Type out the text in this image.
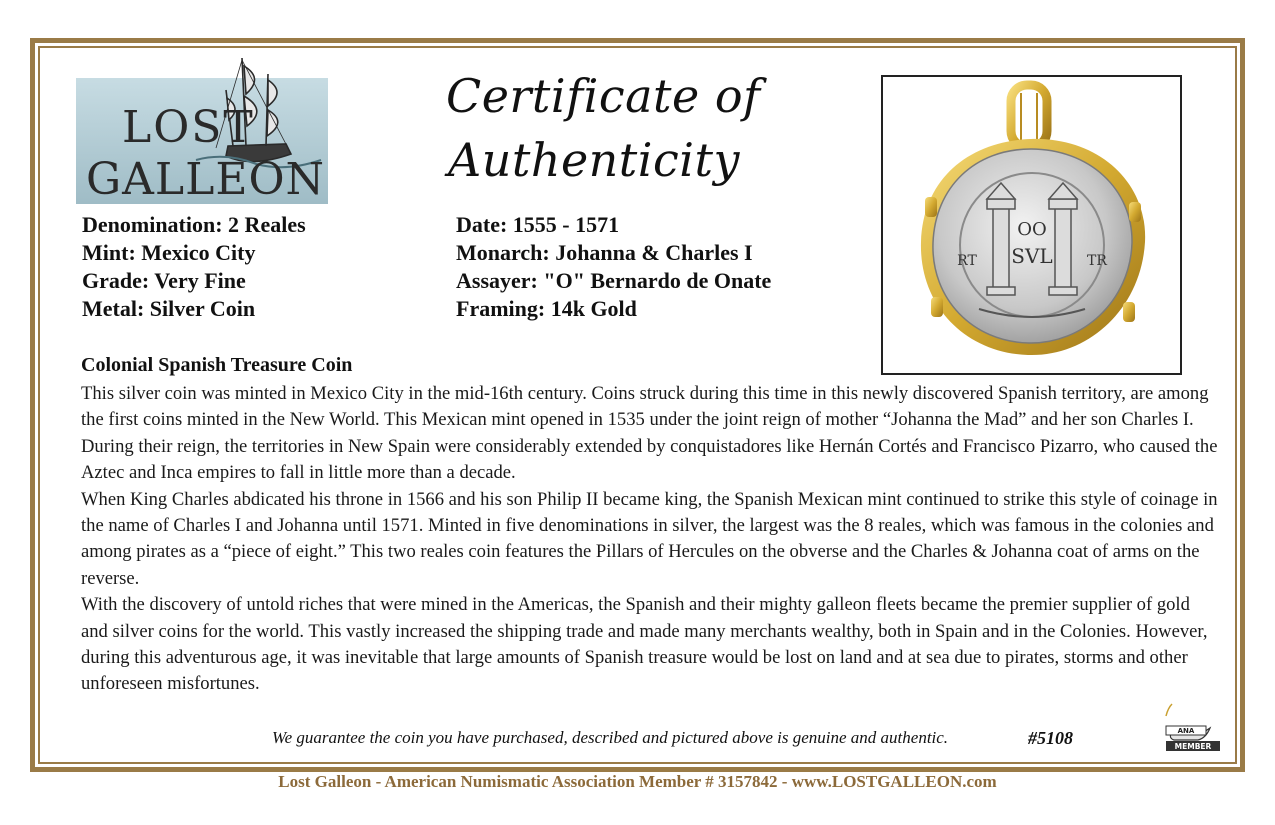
LOST
GALLEON
Certificate of
Authenticity
OO
SVL
RT	TR
Denomination: 2 Reales
Mint: Mexico City
Grade: Very Fine
Metal: Silver Coin
Date: 1555 - 1571
Monarch: Johanna & Charles I
Assayer: "O" Bernardo de Onate
Framing: 14k Gold
Colonial Spanish Treasure Coin

This silver coin was minted in Mexico City in the mid-16th century. Coins struck during this time in this newly discovered Spanish territory, are among the first coins minted in the New World. This Mexican mint opened in 1535 under the joint reign of mother “Johanna the Mad” and her son Charles I. During their reign, the territories in New Spain were considerably extended by conquistadores like Hernán Cortés and Francisco Pizarro, who caused the Aztec and Inca empires to fall in little more than a decade.

When King Charles abdicated his throne in 1566 and his son Philip II became king, the Spanish Mexican mint continued to strike this style of coinage in the name of Charles I and Johanna until 1571. Minted in five denominations in silver, the largest was the 8 reales, which was famous in the colonies and among pirates as a “piece of eight.” This two reales coin features the Pillars of Hercules on the obverse and the Charles & Johanna coat of arms on the reverse.

With the discovery of untold riches that were mined in the Americas, the Spanish and their mighty galleon fleets became the premier supplier of gold and silver coins for the world. This vastly increased the shipping trade and made many merchants wealthy, both in Spain and in the Colonies. However, during this adventurous age, it was inevitable that large amounts of Spanish treasure would be lost on land and at sea due to pirates, storms and other unforeseen misfortunes.

We guarantee the coin you have purchased, described and pictured above is genuine and authentic.	#5108	ANA
MEMBER
Lost Galleon - American Numismatic Association Member # 3157842 - www.LOSTGALLEON.com
